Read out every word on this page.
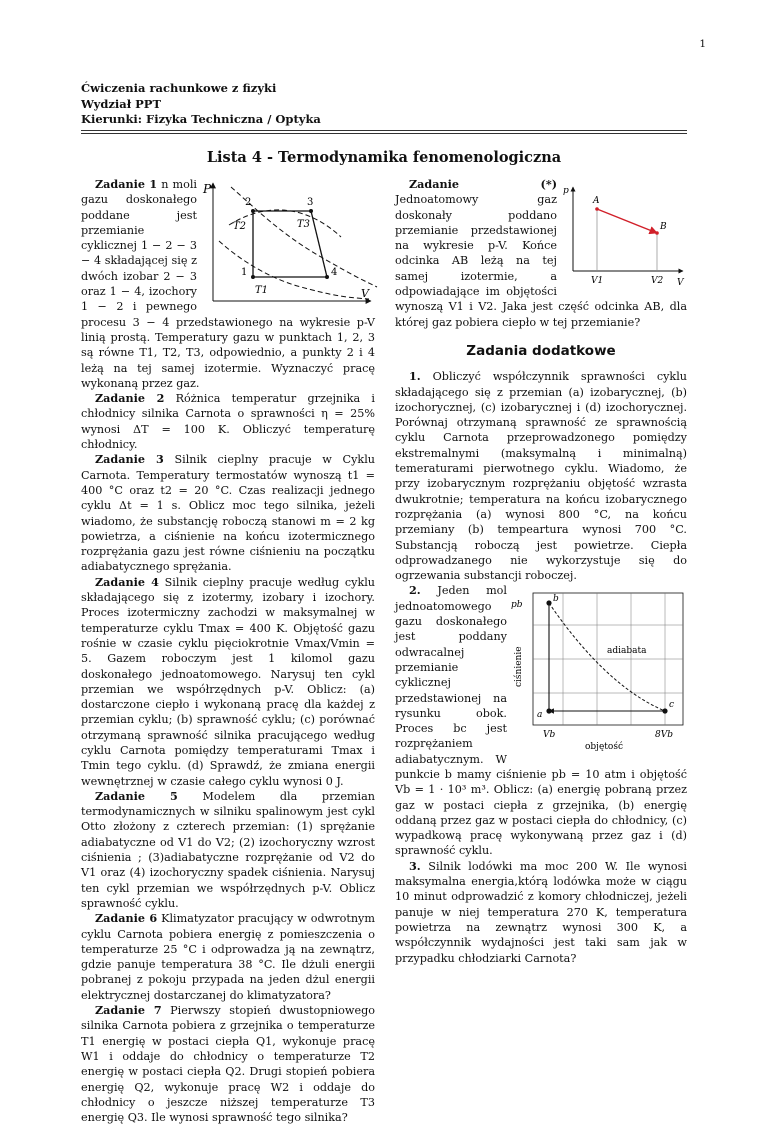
1
Ćwiczenia rachunkowe z fizyki
Wydział PPT
Kierunki: Fizyka Techniczna / Optyka
Lista 4 - Termodynamika fenomenologiczna

P
V
1
2	3
4
T2	T3
T1
Zadanie 1 n moli gazu doskonałego poddane jest przemianie cyklicznej 1 − 2 − 3 − 4 składającej się z dwóch izobar 2 − 3 oraz 1 − 4, izochory 1 − 2 i pewnego procesu 3 − 4 przedstawionego na wykresie p-V linią prostą. Temperatury gazu w punktach 1, 2, 3 są równe T1, T2, T3, odpowiednio, a punkty 2 i 4 leżą na tej samej izotermie. Wyznaczyć pracę wykonaną przez gaz.

Zadanie 2 Różnica temperatur grzejnika i chłodnicy silnika Carnota o sprawności η = 25% wynosi ΔT = 100 K. Obliczyć temperaturę chłodnicy.

Zadanie 3 Silnik cieplny pracuje w Cyklu Carnota. Temperatury termostatów wynoszą t1 = 400 °C oraz t2 = 20 °C. Czas realizacji jednego cyklu Δt = 1 s. Oblicz moc tego silnika, jeżeli wiadomo, że substancję roboczą stanowi m = 2 kg powietrza, a ciśnienie na końcu izotermicznego rozprężania gazu jest równe ciśnieniu na początku adiabatycznego sprężania.

Zadanie 4 Silnik cieplny pracuje według cyklu składającego się z izotermy, izobary i izochory. Proces izotermiczny zachodzi w maksymalnej w temperaturze cyklu Tmax = 400 K. Objętość gazu rośnie w czasie cyklu pięciokrotnie Vmax/Vmin = 5. Gazem roboczym jest 1 kilomol gazu doskonałego jednoatomowego. Narysuj ten cykl przemian we współrzędnych p-V. Oblicz: (a) dostarczone ciepło i wykonaną pracę dla każdej z przemian cyklu; (b) sprawność cyklu; (c) porównać otrzymaną sprawność silnika pracującego według cyklu Carnota pomiędzy temperaturami Tmax i Tmin tego cyklu. (d) Sprawdź, że zmiana energii wewnętrznej w czasie całego cyklu wynosi 0 J.

Zadanie 5 Modelem dla przemian termodynamicznych w silniku spalinowym jest cykl Otto złożony z czterech przemian: (1) sprężanie adiabatyczne od V1 do V2; (2) izochoryczny wzrost ciśnienia ; (3)adiabatyczne rozprężanie od V2 do V1 oraz (4) izochoryczny spadek ciśnienia. Narysuj ten cykl przemian we współrzędnych p-V. Oblicz sprawność cyklu.

Zadanie 6 Klimatyzator pracujący w odwrotnym cyklu Carnota pobiera energię z pomieszczenia o temperaturze 25 °C i odprowadza ją na zewnątrz, gdzie panuje temperatura 38 °C. Ile dżuli energii pobranej z pokoju przypada na jeden dżul energii elektrycznej dostarczanej do klimatyzatora?

Zadanie 7 Pierwszy stopień dwustopniowego silnika Carnota pobiera z grzejnika o temperaturze T1 energię w postaci ciepła Q1, wykonuje pracę W1 i oddaje do chłodnicy o temperaturze T2 energię w postaci ciepła Q2. Drugi stopień pobiera energię Q2, wykonuje pracę W2 i oddaje do chłodnicy o jeszcze niższej temperaturze T3 energię Q3. Ile wynosi sprawność tego silnika?

p
V
A
B
V1	V2
Zadanie (*) Jednoatomowy gaz doskonały poddano przemianie przedstawionej na wykresie p-V. Końce odcinka AB leżą na tej samej izotermie, a odpowiadające im objętości wynoszą V1 i V2. Jaka jest część odcinka AB, dla której gaz pobiera ciepło w tej przemianie?

Zadania dodatkowe

1. Obliczyć współczynnik sprawności cyklu składającego się z przemian (a) izobarycznej, (b) izochorycznej, (c) izobarycznej i (d) izochorycznej. Porównaj otrzymaną sprawność ze sprawnością cyklu Carnota przeprowadzonego pomiędzy ekstremalnymi (maksymalną i minimalną) temeraturami pierwotnego cyklu. Wiadomo, że przy izobarycznym rozprężaniu objętość wzrasta dwukrotnie; temperatura na końcu izobarycznego rozprężania (a) wynosi 800 °C, na końcu przemiany (b) tempeartura wynosi 700 °C. Substancją roboczą jest powietrze. Ciepła odprowadzanego nie wykorzystuje się do ogrzewania substancji roboczej.

ciśnienie
pb
b
a
c
adiabata
Vb	8Vb
objętość
2. Jeden mol jednoatomowego gazu doskonałego jest poddany odwracalnej przemianie cyklicznej przedstawionej na rysunku obok. Proces bc jest rozprężaniem adiabatycznym. W punkcie b mamy ciśnienie pb = 10 atm i objętość Vb = 1 · 10³ m³. Oblicz: (a) energię pobraną przez gaz w postaci ciepła z grzejnika, (b) energię oddaną przez gaz w postaci ciepła do chłodnicy, (c) wypadkową pracę wykonywaną przez gaz i (d) sprawność cyklu.

3. Silnik lodówki ma moc 200 W. Ile wynosi maksymalna energia,którą lodówka może w ciągu 10 minut odprowadzić z komory chłodniczej, jeżeli panuje w niej temperatura 270 K, temperatura powietrza na zewnątrz wynosi 300 K, a współczynnik wydajności jest taki sam jak w przypadku chłodziarki Carnota?
